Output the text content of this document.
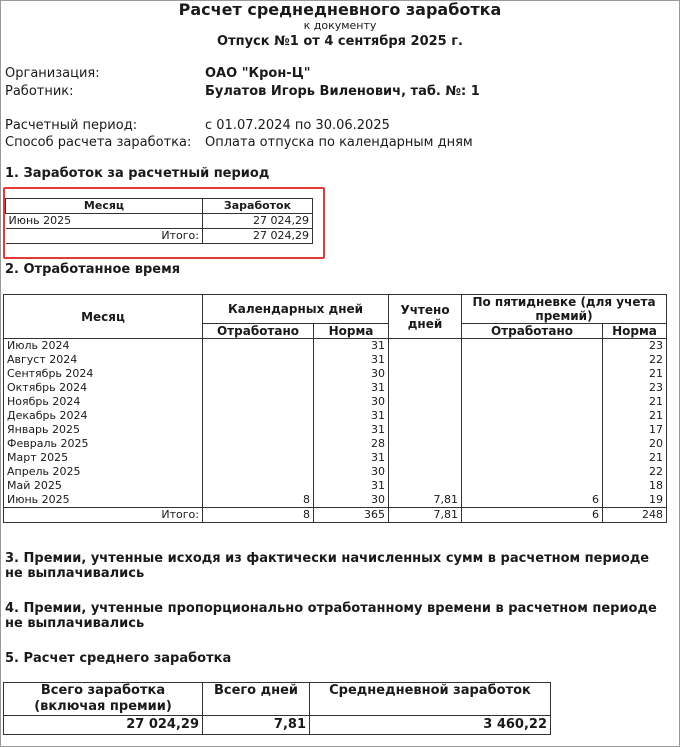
Расчет среднедневного заработка
к документу
Отпуск №1 от 4 сентября 2025 г.
Организация:	ОАО "Крон-Ц"
Работник:	Булатов Игорь Виленович, таб. №: 1
Расчетный период:	с 01.07.2024 по 30.06.2025
Способ расчета заработка: Оплата отпуска по календарным дням
1. Заработок за расчетный период
Месяц	Заработок
Июнь 2025	27 024,29
Итого:	27 024,29
2. Отработанное время
Месяц	Календарных дней		Учтено дней	По пятидневке (для учета премий)	
	Отработано	Норма		Отработано	Норма
Июль 2024		31			23
Август 2024		31			22
Сентябрь 2024		30			21
Октябрь 2024		31			23
Ноябрь 2024		30			21
Декабрь 2024		31			21
Январь 2025		31			17
Февраль 2025		28			20
Март 2025		31			21
Апрель 2025		30			22
Май 2025		31			18
Июнь 2025	8	30	7,81	6	19
Итого:	8	365	7,81	6	248
3. Премии, учтенные исходя из фактически начисленных сумм в расчетном периоде не выплачивались
4. Премии, учтенные пропорционально отработанному времени в расчетном периоде не выплачивались
5. Расчет среднего заработка
Всего заработка (включая премии)	Всего дней	Среднедневной заработок
27 024,29	7,81	3 460,22
